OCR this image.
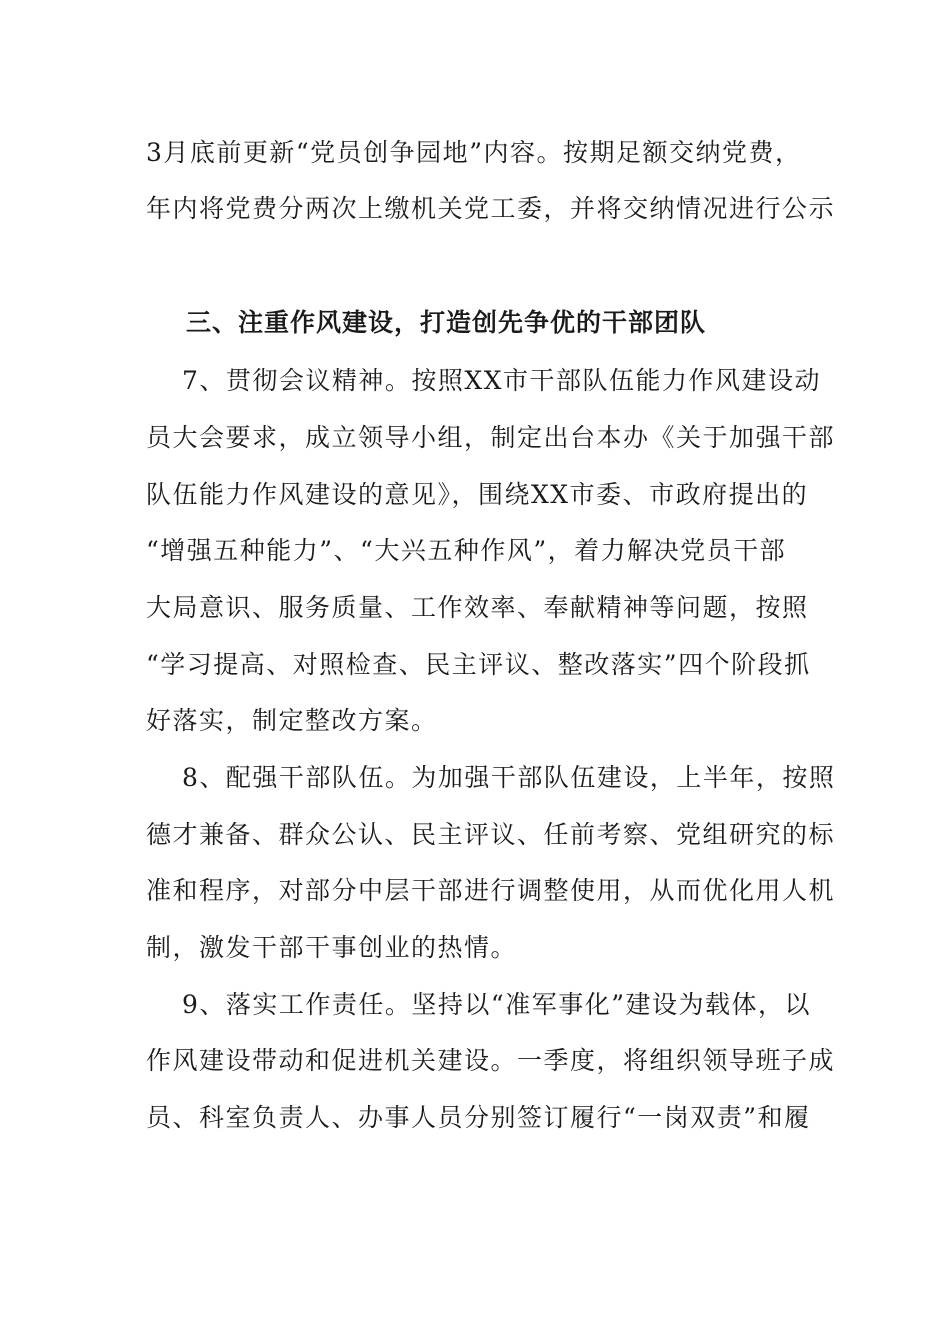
3月底前更新“党员创争园地”内容。按期足额交纳党费，
年内将党费分两次上缴机关党工委，并将交纳情况进行公示
三、注重作风建设，打造创先争优的干部团队
7、贯彻会议精神。按照XX市干部队伍能力作风建设动
员大会要求，成立领导小组，制定出台本办《关于加强干部
队伍能力作风建设的意见》，围绕XX市委、市政府提出的
“增强五种能力”、“大兴五种作风”，着力解决党员干部
大局意识、服务质量、工作效率、奉献精神等问题，按照
“学习提高、对照检查、民主评议、整改落实”四个阶段抓
好落实，制定整改方案。
8、配强干部队伍。为加强干部队伍建设，上半年，按照
德才兼备、群众公认、民主评议、任前考察、党组研究的标
准和程序，对部分中层干部进行调整使用，从而优化用人机
制，激发干部干事创业的热情。
9、落实工作责任。坚持以“准军事化”建设为载体，以
作风建设带动和促进机关建设。一季度，将组织领导班子成
员、科室负责人、办事人员分别签订履行“一岗双责”和履
